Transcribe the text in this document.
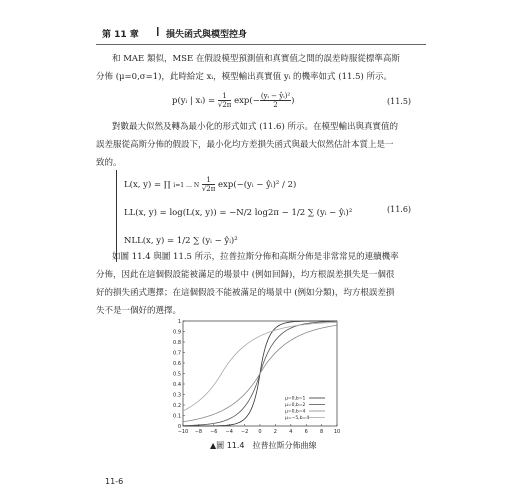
第 11 章 ❙ 損失函式與模型控身
和 MAE 類似，MSE 在假設模型預測值和真實值之間的誤差時服從標準高斯
分佈 (μ=0,σ=1)，此時給定 xᵢ，模型輸出真實值 yᵢ 的機率如式 (11.5) 所示。
p(yᵢ | xᵢ) = $\frac{1}{√2\pi} \exp(- \frac{\text{(yᵢ − ŷᵢ)²}}{2}$ )	(11.5)
對數最大似然及轉為最小化的形式如式 (11.6) 所示。在模型輸出與真實值的
誤差服從高斯分佈的假設下，最小化均方差損失函式與最大似然估計本質上是一
致的。
L(x, y) = ∏ i=1 … N $\frac{1}{√2\pi}$ exp(−(yᵢ − ŷᵢ)² / 2)
LL(x, y) = log(L(x, y)) = −N/2 log2π − 1/2 ∑ (yᵢ − ŷᵢ)²
NLL(x, y) = 1/2 ∑ (yᵢ − ŷᵢ)²
(11.6)
如圖 11.4 與圖 11.5 所示，拉普拉斯分佈和高斯分佈是非常常見的連續機率
分佈，因此在這個假設能被滿足的場景中 (例如回歸)，均方根誤差損失是一個很
好的損失函式選擇；在這個假設不能被滿足的場景中 (例如分類)，均方根誤差損
失不是一個好的選擇。
0
0.1
0.2
0.3
0.4
0.5
0.6
0.7
0.8
0.9
1
−10 −8 −6 −4 −2 0 2 4 6 8 10
μ=0,b=1
μ=0,b=2
μ=0,b=4
μ=−5,b=4
▲圖 11.4　拉普拉斯分佈曲線
11-6
